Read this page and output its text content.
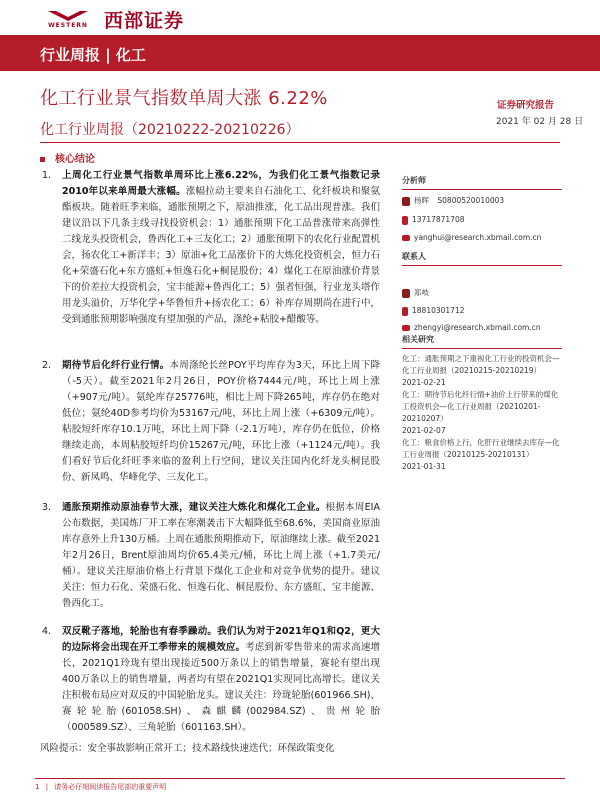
WESTERN 西部证券
行业周报 | 化工
化工行业景气指数单周大涨 6.22%	证券研究报告
2021 年 02 月 28 日
化工行业周报（20210222-20210226）
核心结论
1.	上周化工行业景气指数单周环比上涨6.22%，为我们化工景气指数记录2010年以来单周最大涨幅。涨幅拉动主要来自石油化工、化纤板块和聚氨酯板块。随着旺季来临，通胀预期之下，原油推涨，化工品出现普涨。我们建议沿以下几条主线寻找投资机会：1）通胀预期下化工品普涨带来高弹性二线龙头投资机会，鲁西化工+三友化工；2）通胀预期下的农化行业配置机会，扬农化工+新洋丰；3）原油+化工品涨价下的大炼化投资机会，恒力石化+荣盛石化+东方盛虹+恒逸石化+桐昆股份；4）煤化工在原油涨价背景下的价差拉大投资机会，宝丰能源+鲁西化工；5）强者恒强，行业龙头塔作用龙头溢价，万华化学+华鲁恒升+扬农化工；6）补库存周期尚在进行中，受到通胀预期影响强度有望加强的产品，涤纶+粘胶+醋酸等。
2.	期待节后化纤行业行情。本周涤纶长丝POY平均库存为3天，环比上周下降（-5天）。截至2021年2月26日，POY价格7444元/吨，环比上周上涨（+907元/吨）。氨纶库存25776吨，相比上周下降265吨，库存仍在绝对低位；氨纶40D参考均价为53167元/吨，环比上周上涨（+6309元/吨）。粘胶短纤库存10.1万吨，环比上周下降（-2.1万吨），库存仍在低位，价格继续走高，本周粘胶短纤均价15267元/吨，环比上涨（+1124元/吨）。我们看好节后化纤旺季来临的盈利上行空间，建议关注国内化纤龙头桐昆股份、新凤鸣、华峰化学、三友化工。
3.	通胀预期推动原油春节大涨，建议关注大炼化和煤化工企业。根据本周EIA公布数据，美国炼厂开工率在寒潮袭击下大幅降低至68.6%，美国商业原油库存意外上升130万桶。上周在通胀预期推动下，原油继续上涨。截至2021年2月26日，Brent原油周均价65.4美元/桶，环比上周上涨（+1.7美元/桶）。建议关注原油价格上行背景下煤化工企业和对竞争优势的提升。建议关注：恒力石化、荣盛石化、恒逸石化、桐昆股份、东方盛虹、宝丰能源、鲁西化工。
4.	双反靴子落地，轮胎也有春季躁动。我们认为对于2021年Q1和Q2，更大的边际将会出现在开工季带来的规模效应。考虑到新零售带来的需求高速增长，2021Q1玲珑有望出现接近500万条以上的销售增量，赛轮有望出现400万条以上的销售增量，两者均有望在2021Q1实现同比高增长。建议关注积极布局应对双反的中国轮胎龙头。建议关注：玲珑轮胎(601966.SH)、赛轮轮胎(601058.SH)、森麒麟(002984.SZ)、贵州轮胎（000589.SZ）、三角轮胎（601163.SH）。
风险提示：安全事故影响正常开工；技术路线快速迭代；环保政策变化
分析师
杨晖 S0800520010003
13717871708
yanghui@research.xbmail.com.cn
联系人
郑岐
18810301712
zhengyi@research.xbmail.com.cn
相关研究
化工：通胀预期之下重视化工行业的投资机会—化工行业周报（20210215-20210219）
2021-02-21
化工：期待节后化纤行情+油价上行带来的煤化工投资机会—化工行业周报（20210201-20210207）
2021-02-07
化工：粮食价格上行，化肝行业继续去库存—化工行业周报（20210125-20210131）
2021-01-31
1 | 请务必仔细阅读报告尾部的重要声明
